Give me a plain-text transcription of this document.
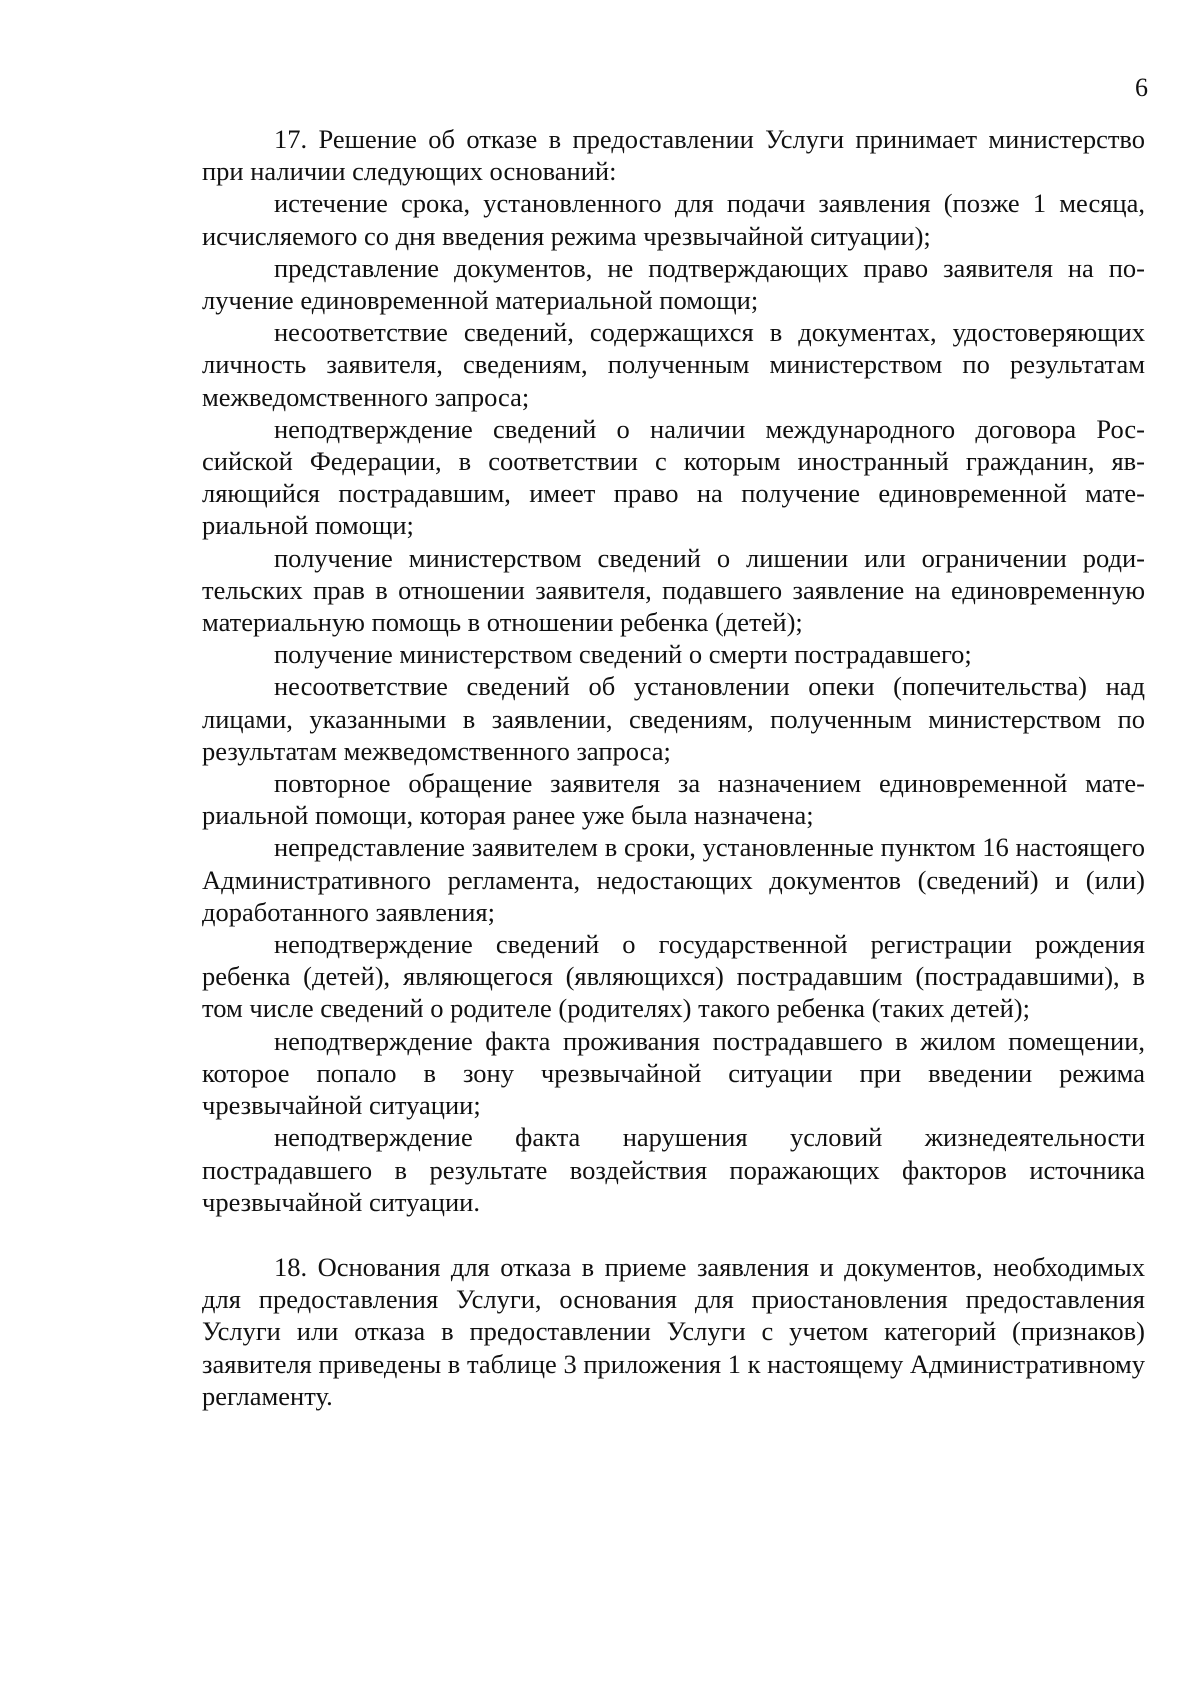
6

17. Решение об отказе в предоставлении Услуги принимает министерство при наличии следующих оснований:

истечение срока, установленного для подачи заявления (позже 1 месяца, исчисляемого со дня введения режима чрезвычайной ситуации);

представление документов, не подтверждающих право заявителя на получение единовременной материальной помощи;

несоответствие сведений, содержащихся в документах, удостоверяющих личность заявителя, сведениям, полученным министерством по результатам межведомственного запроса;

неподтверждение сведений о наличии международного договора Российской Федерации, в соответствии с которым иностранный гражданин, являющийся пострадавшим, имеет право на получение единовременной материальной помощи;

получение министерством сведений о лишении или ограничении родительских прав в отношении заявителя, подавшего заявление на единовременную материальную помощь в отношении ребенка (детей);

получение министерством сведений о смерти пострадавшего;

несоответствие сведений об установлении опеки (попечительства) над лицами, указанными в заявлении, сведениям, полученным министерством по результатам межведомственного запроса;

повторное обращение заявителя за назначением единовременной материальной помощи, которая ранее уже была назначена;

непредставление заявителем в сроки, установленные пунктом 16 настоящего Административного регламента, недостающих документов (сведений) и (или) доработанного заявления;

неподтверждение сведений о государственной регистрации рождения ребенка (детей), являющегося (являющихся) пострадавшим (пострадавшими), в том числе сведений о родителе (родителях) такого ребенка (таких детей);

неподтверждение факта проживания пострадавшего в жилом помещении, которое попало в зону чрезвычайной ситуации при введении режима чрезвычайной ситуации;

неподтверждение факта нарушения условий жизнедеятельности пострадавшего в результате воздействия поражающих факторов источника чрезвычайной ситуации.

18. Основания для отказа в приеме заявления и документов, необходимых для предоставления Услуги, основания для приостановления предоставления Услуги или отказа в предоставлении Услуги с учетом категорий (признаков) заявителя приведены в таблице 3 приложения 1 к настоящему Административному регламенту.
